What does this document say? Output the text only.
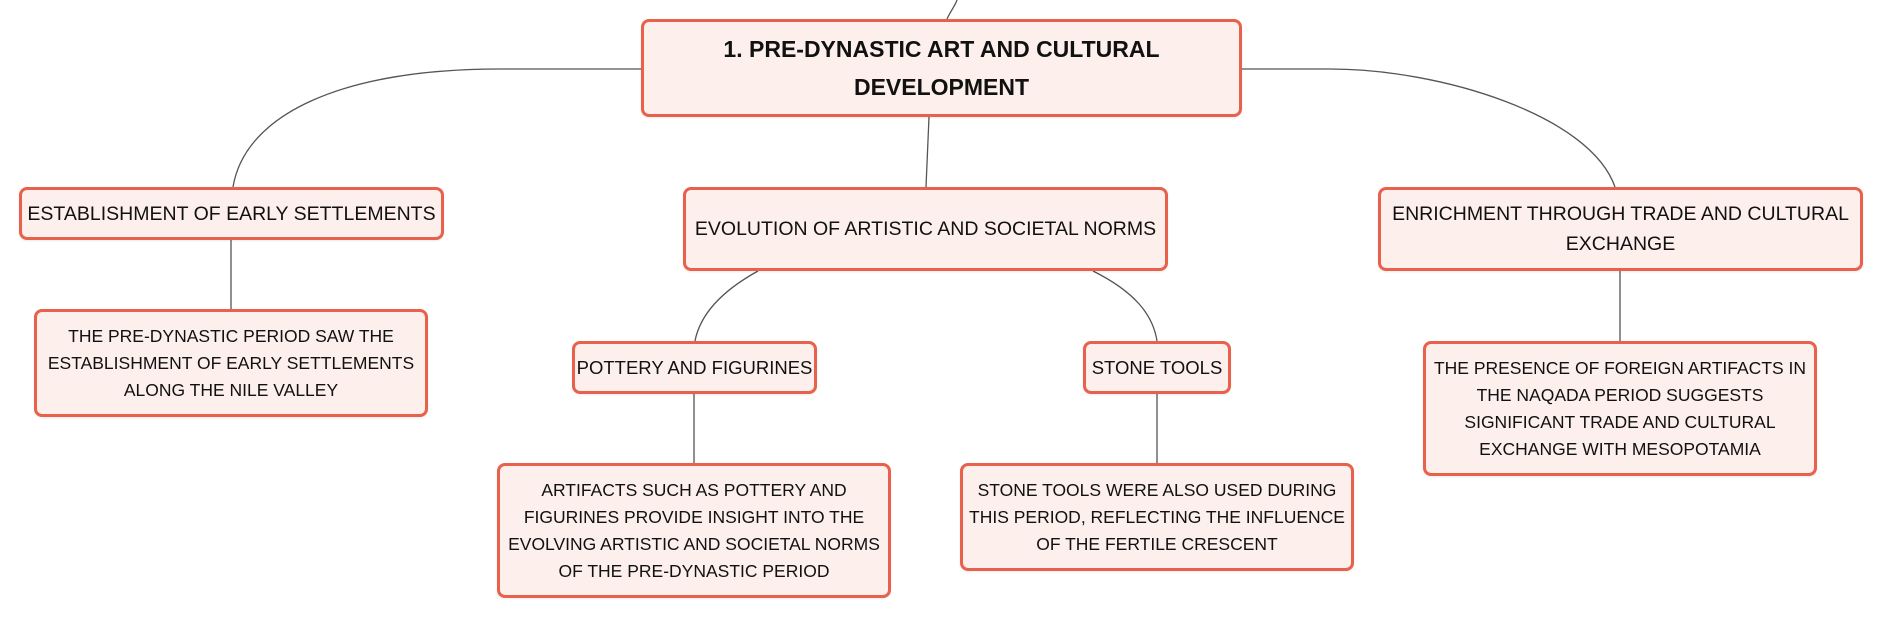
1. PRE-DYNASTIC ART AND CULTURAL
DEVELOPMENT
ESTABLISHMENT OF EARLY SETTLEMENTS
EVOLUTION OF ARTISTIC AND SOCIETAL NORMS
ENRICHMENT THROUGH TRADE AND CULTURAL
EXCHANGE
POTTERY AND FIGURINES	STONE TOOLS
THE PRE-DYNASTIC PERIOD SAW THE
ESTABLISHMENT OF EARLY SETTLEMENTS
ALONG THE NILE VALLEY
ARTIFACTS SUCH AS POTTERY AND
FIGURINES PROVIDE INSIGHT INTO THE
EVOLVING ARTISTIC AND SOCIETAL NORMS
OF THE PRE-DYNASTIC PERIOD
STONE TOOLS WERE ALSO USED DURING
THIS PERIOD, REFLECTING THE INFLUENCE
OF THE FERTILE CRESCENT
THE PRESENCE OF FOREIGN ARTIFACTS IN
THE NAQADA PERIOD SUGGESTS
SIGNIFICANT TRADE AND CULTURAL
EXCHANGE WITH MESOPOTAMIA
